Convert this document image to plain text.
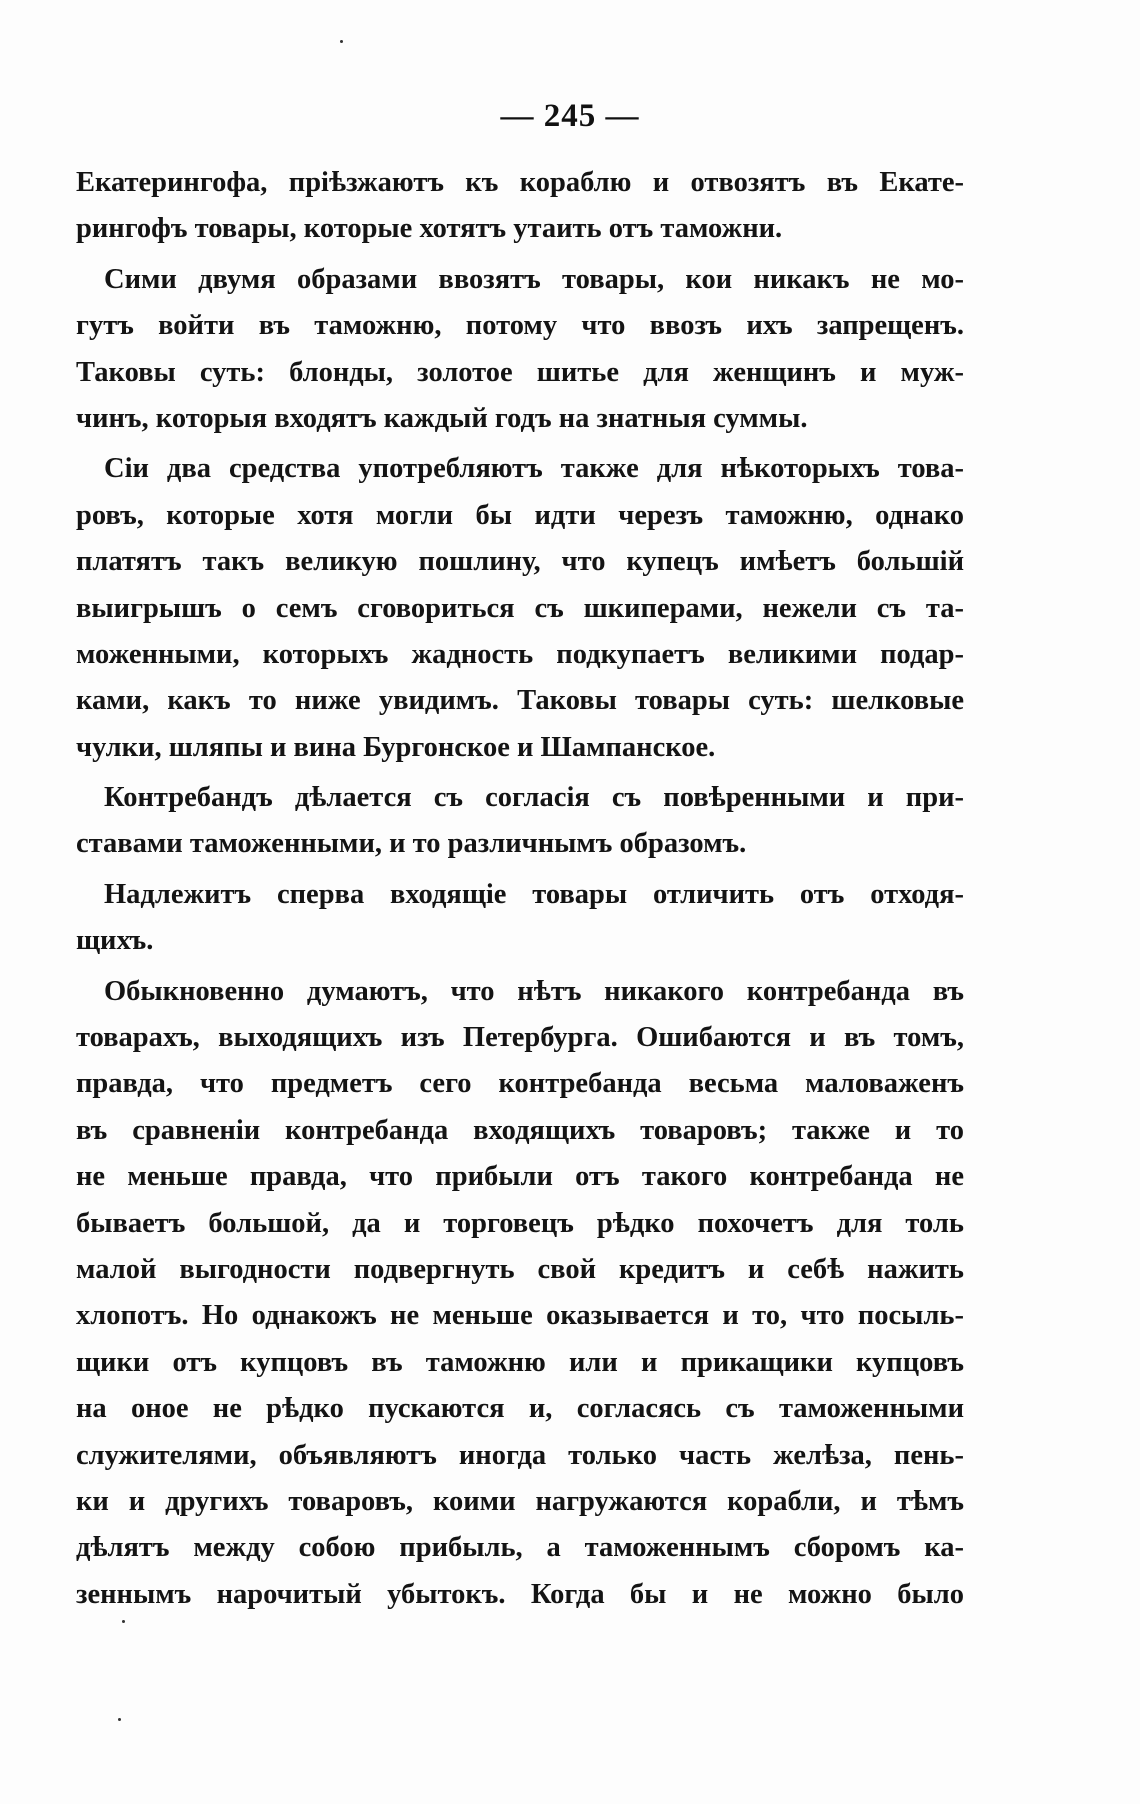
— 245 —
Екатерингофа, пріѣзжаютъ къ кораблю и отвозятъ въ Екате-
рингофъ товары, которые хотятъ утаить отъ таможни.
Сими двумя образами ввозятъ товары, кои никакъ не мо-
гутъ войти въ таможню, потому что ввозъ ихъ запрещенъ.
Таковы суть: блонды, золотое шитье для женщинъ и муж-
чинъ, которыя входятъ каждый годъ на знатныя суммы.
Сіи два средства употребляютъ также для нѣкоторыхъ това-
ровъ, которые хотя могли бы идти черезъ таможню, однако
платятъ такъ великую пошлину, что купецъ имѣетъ большій
выигрышъ о семъ сговориться съ шкиперами, нежели съ та-
моженными, которыхъ жадность подкупаетъ великими подар-
ками, какъ то ниже увидимъ. Таковы товары суть: шелковые
чулки, шляпы и вина Бургонское и Шампанское.
Контребандъ дѣлается съ согласія съ повѣренными и при-
ставами таможенными, и то различнымъ образомъ.
Надлежитъ сперва входящіе товары отличить отъ отходя-
щихъ.
Обыкновенно думаютъ, что нѣтъ никакого контребанда въ
товарахъ, выходящихъ изъ Петербурга. Ошибаются и въ томъ,
правда, что предметъ сего контребанда весьма маловаженъ
въ сравненіи контребанда входящихъ товаровъ; также и то
не меньше правда, что прибыли отъ такого контребанда не
бываетъ большой, да и торговецъ рѣдко похочетъ для толь
малой выгодности подвергнуть свой кредитъ и себѣ нажить
хлопотъ. Но однакожъ не меньше оказывается и то, что посыль-
щики отъ купцовъ въ таможню или и прикащики купцовъ
на оное не рѣдко пускаются и, согласясь съ таможенными
служителями, объявляютъ иногда только часть желѣза, пень-
ки и другихъ товаровъ, коими нагружаются корабли, и тѣмъ
дѣлятъ между собою прибыль, а таможеннымъ сборомъ ка-
зеннымъ нарочитый убытокъ. Когда бы и не можно было
